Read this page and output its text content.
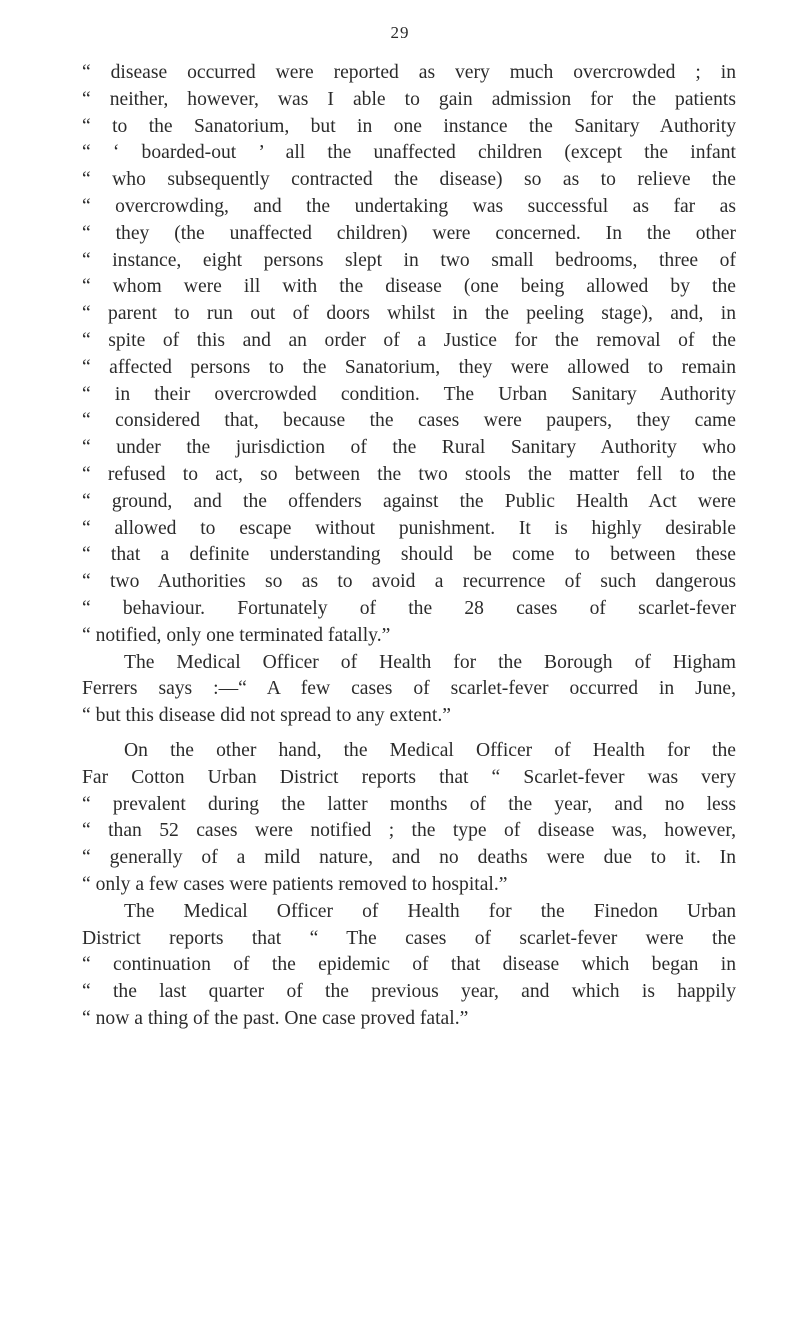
29
“ disease occurred were reported as very much overcrowded ; in
“ neither, however, was I able to gain admission for the patients
“ to the Sanatorium, but in one instance the Sanitary Authority
“ ‘ boarded-out ’ all the unaffected children (except the infant
“ who subsequently contracted the disease) so as to relieve the
“ overcrowding, and the undertaking was successful as far as
“ they (the unaffected children) were concerned. In the other
“ instance, eight persons slept in two small bedrooms, three of
“ whom were ill with the disease (one being allowed by the
“ parent to run out of doors whilst in the peeling stage), and, in
“ spite of this and an order of a Justice for the removal of the
“ affected persons to the Sanatorium, they were allowed to remain
“ in their overcrowded condition. The Urban Sanitary Authority
“ considered that, because the cases were paupers, they came
“ under the jurisdiction of the Rural Sanitary Authority who
“ refused to act, so between the two stools the matter fell to the
“ ground, and the offenders against the Public Health Act were
“ allowed to escape without punishment. It is highly desirable
“ that a definite understanding should be come to between these
“ two Authorities so as to avoid a recurrence of such dangerous
“ behaviour. Fortunately of the 28 cases of scarlet-fever
“ notified, only one terminated fatally.”
The Medical Officer of Health for the Borough of Higham
Ferrers says :—“ A few cases of scarlet-fever occurred in June,
“ but this disease did not spread to any extent.”
On the other hand, the Medical Officer of Health for the
Far Cotton Urban District reports that “ Scarlet-fever was very
“ prevalent during the latter months of the year, and no less
“ than 52 cases were notified ; the type of disease was, however,
“ generally of a mild nature, and no deaths were due to it. In
“ only a few cases were patients removed to hospital.”
The Medical Officer of Health for the Finedon Urban
District reports that “ The cases of scarlet-fever were the
“ continuation of the epidemic of that disease which began in
“ the last quarter of the previous year, and which is happily
“ now a thing of the past. One case proved fatal.”
